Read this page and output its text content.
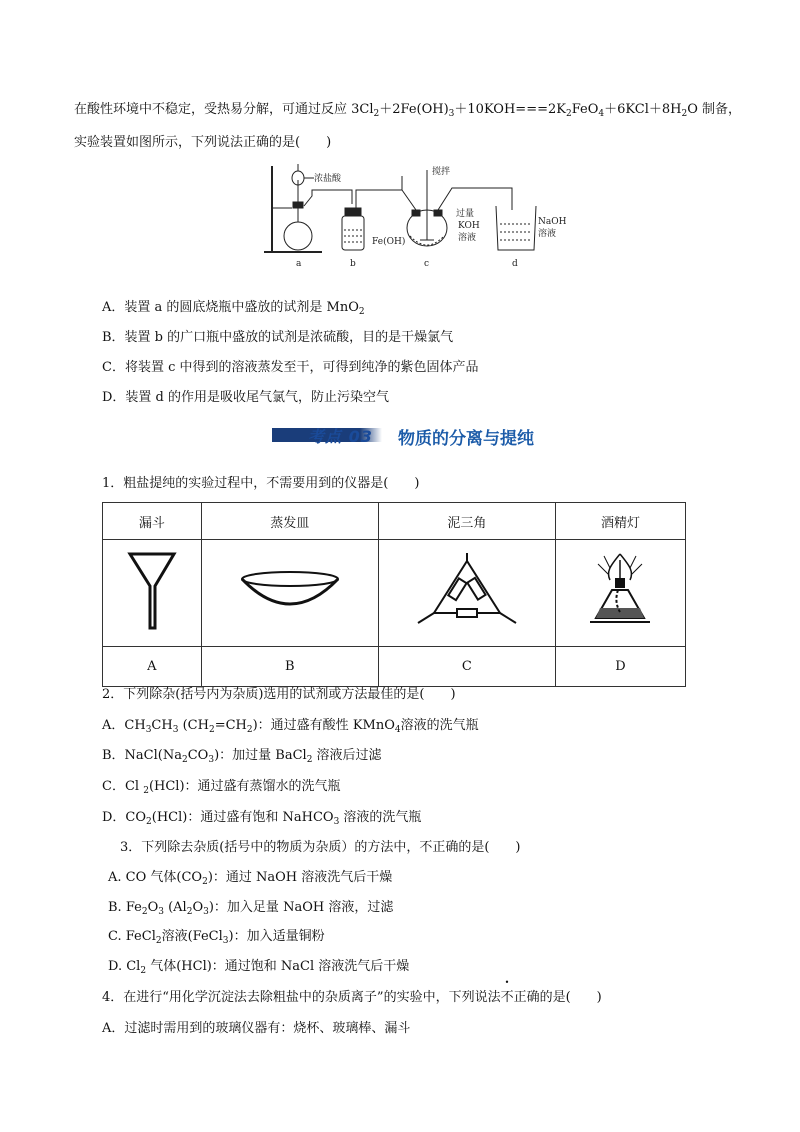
在酸性环境中不稳定，受热易分解，可通过反应 $3Cl_2+2Fe(OH)_3+10KOH===2K_2FeO_4+6KCl+8H_2O$ 制备，
实验装置如图所示，下列说法正确的是(　　)
浓盐酸
搅拌
过量
KOH
溶液
Fe(OH)
NaOH
溶液
a	b	c	d
A．装置 a 的圆底烧瓶中盛放的试剂是 MnO$_2$
B．装置 b 的广口瓶中盛放的试剂是浓硫酸，目的是干燥氯气
C．将装置 c 中得到的溶液蒸发至干，可得到纯净的紫色固体产品
D．装置 d 的作用是吸收尾气氯气，防止污染空气
考点 03 物质的分离与提纯
1．粗盐提纯的实验过程中，不需要用到的仪器是(　　)
漏斗	蒸发皿	泥三角	酒精灯

A	B	C	D
2．下列除杂(括号内为杂质)选用的试剂或方法最佳的是(　　)
A．$CH_3CH_3$ $(CH_2=CH_2)$：通过盛有酸性 KMnO$_4$溶液的洗气瓶
B．$NaCl(Na_2CO_3)$：加过量 BaCl$_2$ 溶液后过滤
C．Cl $_2$(HCl)：通过盛有蒸馏水的洗气瓶
D．$CO_2(HCl)$：通过盛有饱和 NaHCO$_3$ 溶液的洗气瓶
3．下列除去杂质(括号中的物质为杂质）的方法中，不正确的是(　　)
A. CO 气体$(CO_2)$：通过 NaOH 溶液洗气后干燥
B. $Fe_2O_3$ $(Al_2O_3)$：加入足量 NaOH 溶液，过滤
C. FeCl$_2$溶液(FeCl$_3$)：加入适量铜粉
D. $Cl_2$ 气体(HCl)：通过饱和 NaCl 溶液洗气后干燥
4．在进行“用化学沉淀法去除粗盐中的杂质离子”的实验中，下列说法不正确的是(　　)
A．过滤时需用到的玻璃仪器有：烧杯、玻璃棒、漏斗
